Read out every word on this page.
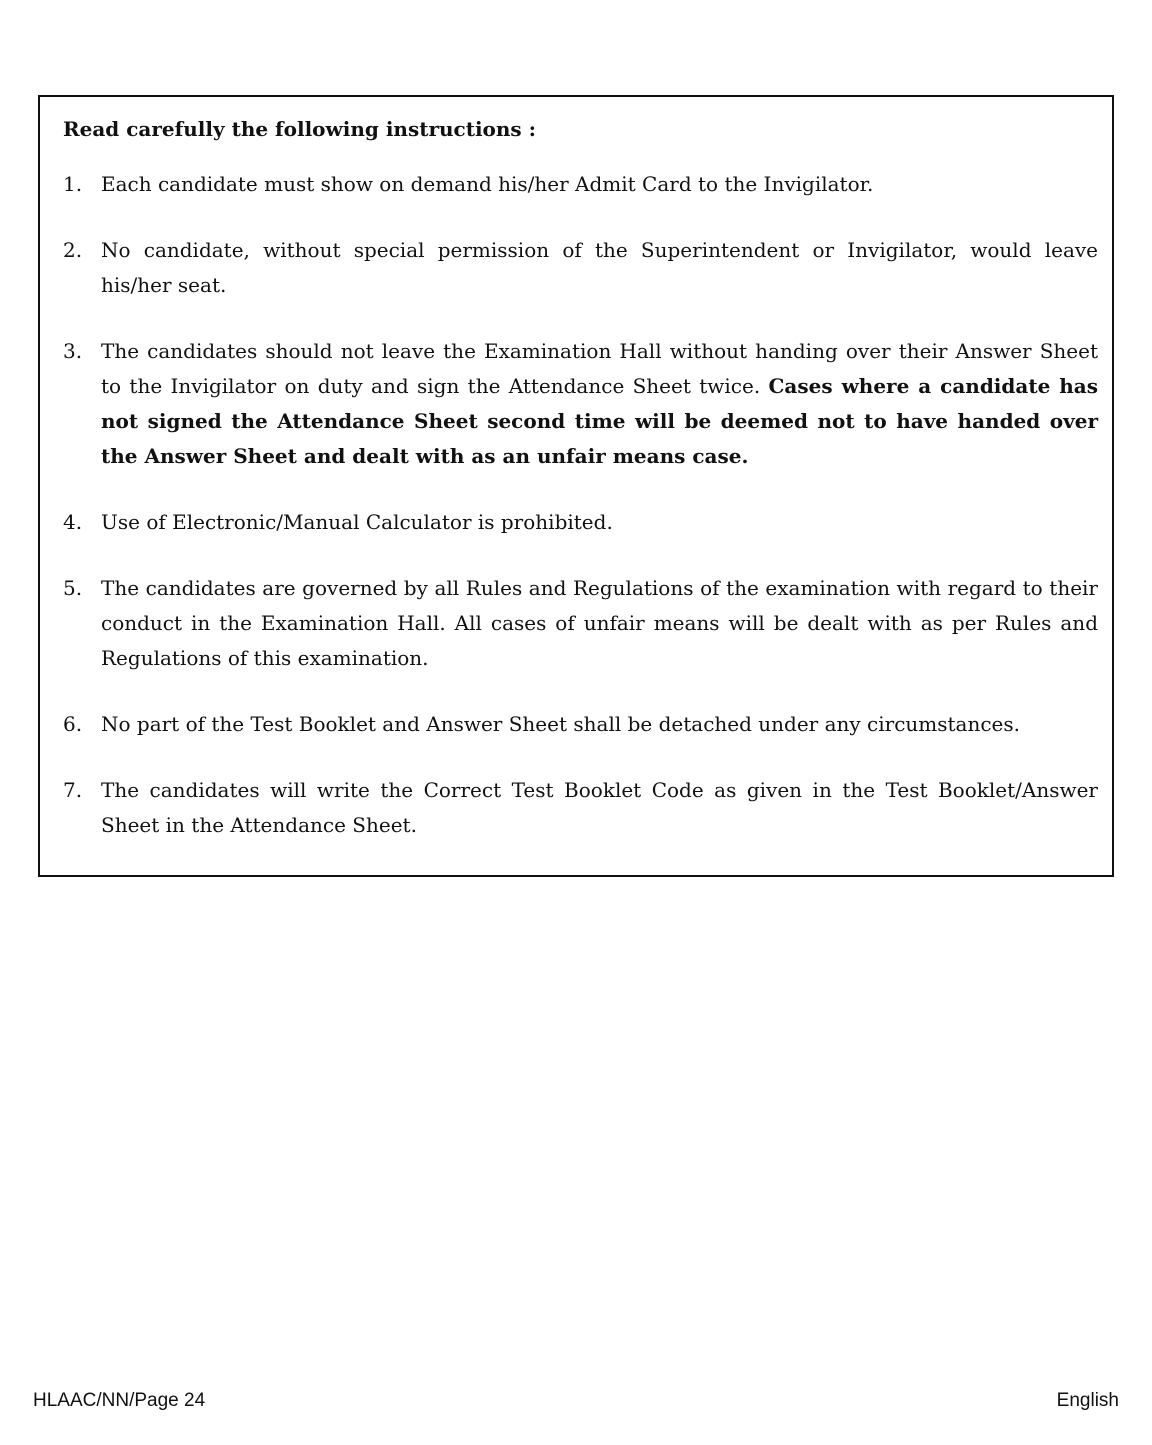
Read carefully the following instructions :
1. Each candidate must show on demand his/her Admit Card to the Invigilator.
2. No candidate, without special permission of the Superintendent or Invigilator, would leave his/her seat.
3. The candidates should not leave the Examination Hall without handing over their Answer Sheet to the Invigilator on duty and sign the Attendance Sheet twice. Cases where a candidate has not signed the Attendance Sheet second time will be deemed not to have handed over the Answer Sheet and dealt with as an unfair means case.
4. Use of Electronic/Manual Calculator is prohibited.
5. The candidates are governed by all Rules and Regulations of the examination with regard to their conduct in the Examination Hall. All cases of unfair means will be dealt with as per Rules and Regulations of this examination.
6. No part of the Test Booklet and Answer Sheet shall be detached under any circumstances.
7. The candidates will write the Correct Test Booklet Code as given in the Test Booklet/Answer Sheet in the Attendance Sheet.
HLAAC/NN/Page 24	English
